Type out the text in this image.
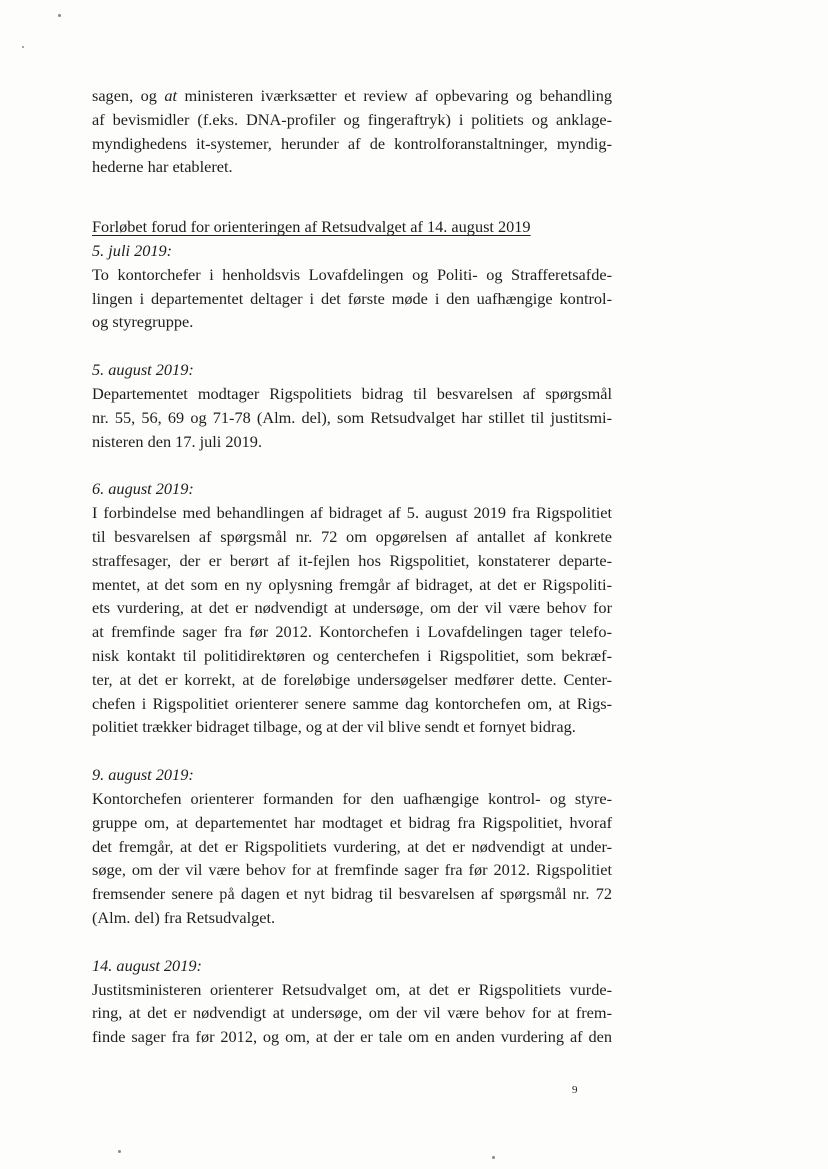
sagen, og at ministeren iværksætter et review af opbevaring og behandling
af bevismidler (f.eks. DNA-profiler og fingeraftryk) i politiets og anklage-
myndighedens it-systemer, herunder af de kontrolforanstaltninger, myndig-
hederne har etableret.

Forløbet forud for orienteringen af Retsudvalget af 14. august 2019

5. juli 2019:

To kontorchefer i henholdsvis Lovafdelingen og Politi- og Strafferetsafde-
lingen i departementet deltager i det første møde i den uafhængige kontrol-
og styregruppe.

5. august 2019:

Departementet modtager Rigspolitiets bidrag til besvarelsen af spørgsmål
nr. 55, 56, 69 og 71-78 (Alm. del), som Retsudvalget har stillet til justitsmi-
nisteren den 17. juli 2019.

6. august 2019:

I forbindelse med behandlingen af bidraget af 5. august 2019 fra Rigspolitiet
til besvarelsen af spørgsmål nr. 72 om opgørelsen af antallet af konkrete
straffesager, der er berørt af it-fejlen hos Rigspolitiet, konstaterer departe-
mentet, at det som en ny oplysning fremgår af bidraget, at det er Rigspoliti-
ets vurdering, at det er nødvendigt at undersøge, om der vil være behov for
at fremfinde sager fra før 2012. Kontorchefen i Lovafdelingen tager telefo-
nisk kontakt til politidirektøren og centerchefen i Rigspolitiet, som bekræf-
ter, at det er korrekt, at de foreløbige undersøgelser medfører dette. Center-
chefen i Rigspolitiet orienterer senere samme dag kontorchefen om, at Rigs-
politiet trækker bidraget tilbage, og at der vil blive sendt et fornyet bidrag.

9. august 2019:

Kontorchefen orienterer formanden for den uafhængige kontrol- og styre-
gruppe om, at departementet har modtaget et bidrag fra Rigspolitiet, hvoraf
det fremgår, at det er Rigspolitiets vurdering, at det er nødvendigt at under-
søge, om der vil være behov for at fremfinde sager fra før 2012. Rigspolitiet
fremsender senere på dagen et nyt bidrag til besvarelsen af spørgsmål nr. 72
(Alm. del) fra Retsudvalget.

14. august 2019:

Justitsministeren orienterer Retsudvalget om, at det er Rigspolitiets vurde-
ring, at det er nødvendigt at undersøge, om der vil være behov for at frem-
finde sager fra før 2012, og om, at der er tale om en anden vurdering af den
9
